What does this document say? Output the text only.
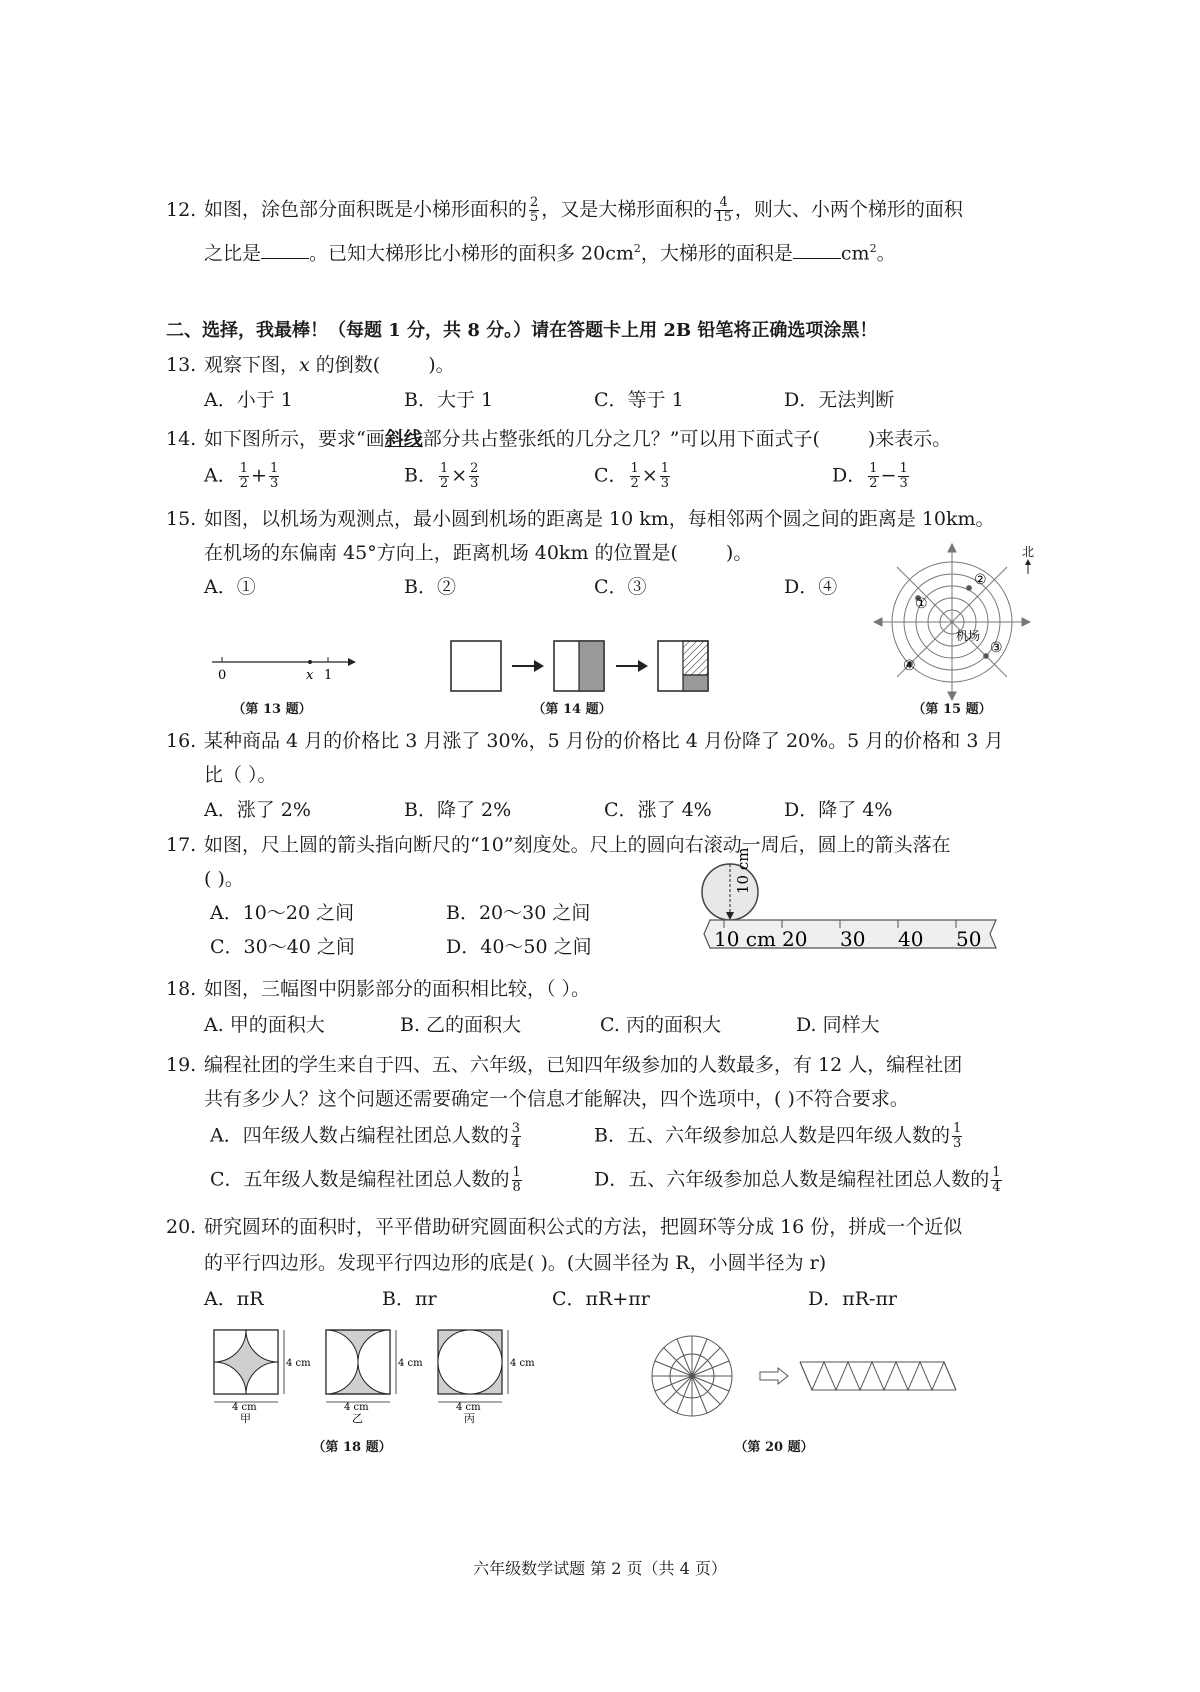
12. 如图，涂色部分面积既是小梯形面积的 $\frac{2}{5}$ ，又是大梯形面积的 $\frac{4}{15}$ ，则大、小两个梯形的面积
之比是	。已知大梯形比小梯形的面积多 $20cm^2$，大梯形的面积是	$cm^2$。
二、选择，我最棒！（每题 1 分，共 8 分。）请在答题卡上用 2B 铅笔将正确选项涂黑！
13. 观察下图，x 的倒数(	)。
A．小于 1	B．大于 1	C．等于 1	D．无法判断
14. 如下图所示，要求“画斜线部分共占整张纸的几分之几？”可以用下面式子(	)来表示。
A． $\frac{1}{2} + \frac{1}{3}$	B． $\frac{1}{2} \times \frac{2}{3}$	C． $\frac{1}{2} \times \frac{1}{3}$	D． $\frac{1}{2} - \frac{1}{3}$
15. 如图，以机场为观测点，最小圆到机场的距离是 10 km，每相邻两个圆之间的距离是 10km。
在机场的东偏南 45°方向上，距离机场 40km 的位置是(	)。
A．①	B．②	C．③	D．④
0	x 1
（第 13 题）	（第 14 题）
①
②
③
④
机场
北
（第 15 题）
16. 某种商品 4 月的价格比 3 月涨了 30%，5 月份的价格比 4 月份降了 20%。5 月的价格和 3 月
比（ ）。
A．涨了 2%	B．降了 2%	C．涨了 4%	D．降了 4%
17. 如图，尺上圆的箭头指向断尺的“10”刻度处。尺上的圆向右滚动一周后，圆上的箭头落在
( )。
A．10～20 之间	B．20～30 之间
C．30～40 之间	D．40～50 之间
10 cm
10 cm 20 30 40 50
18. 如图，三幅图中阴影部分的面积相比较，（ ）。
A. 甲的面积大	B. 乙的面积大	C. 丙的面积大	D. 同样大
19. 编程社团的学生来自于四、五、六年级，已知四年级参加的人数最多，有 12 人，编程社团
共有多少人？这个问题还需要确定一个信息才能解决，四个选项中，( )不符合要求。
A．四年级人数占编程社团总人数的 $\frac{3}{4}$	B．五、六年级参加总人数是四年级人数的 $\frac{1}{3}$
C．五年级人数是编程社团总人数的 $\frac{1}{8}$	D．五、六年级参加总人数是编程社团总人数的 $\frac{1}{4}$
20. 研究圆环的面积时，平平借助研究圆面积公式的方法，把圆环等分成 16 份，拼成一个近似
的平行四边形。发现平行四边形的底是( )。(大圆半径为 R，小圆半径为 r)
A．πR	B．πr	C．πR+πr	D．πR-πr
4 cm	4 cm	4 cm
4 cm	4 cm	4 cm
甲	乙	丙
（第 18 题）	（第 20 题）
六年级数学试题 第 2 页（共 4 页）
